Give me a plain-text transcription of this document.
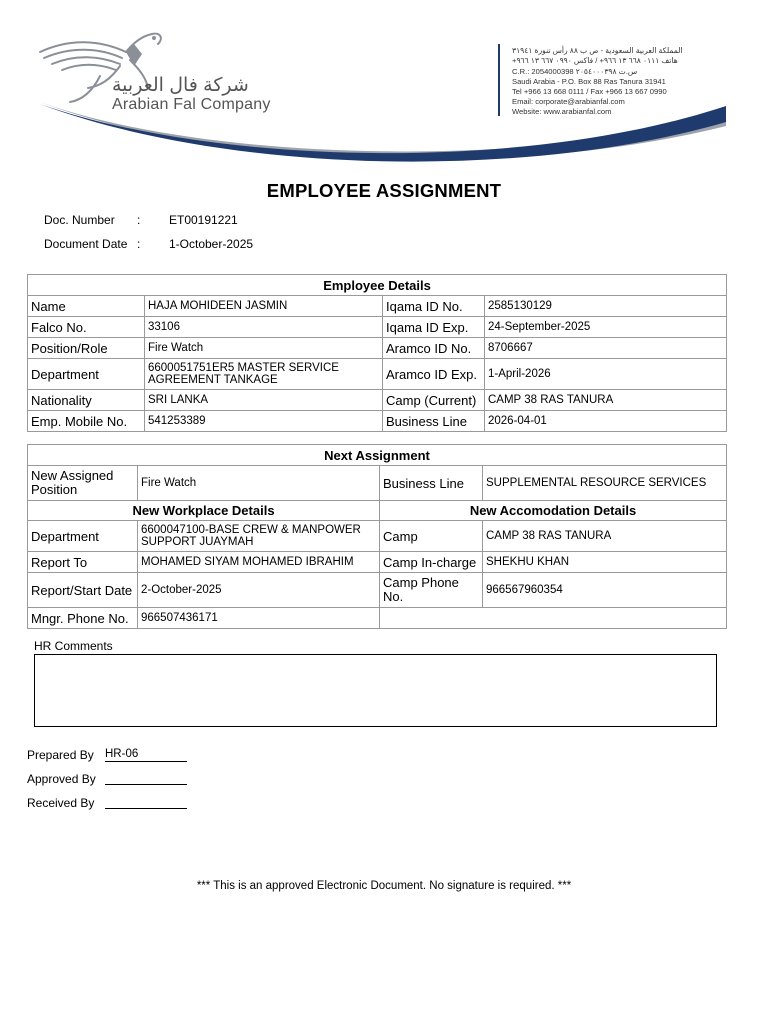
شركة فال العربية
Arabian Fal Company
المملكة العربية السعودية - ص ب ٨٨ رأس تنورة ٣١٩٤١
هاتف ٠١١١ ٦٦٨ ١٣ ٩٦٦+ / فاكس ٠٩٩٠ ٦٦٧ ١٣ ٩٦٦+
C.R.: 2054000398 س.ت ٢٠٥٤٠٠٠٣٩٨
Saudi Arabia - P.O. Box 88 Ras Tanura 31941
Tel +966 13 668 0111 / Fax +966 13 667 0990
Email: corporate@arabianfal.com
Website: www.arabianfal.com
EMPLOYEE ASSIGNMENT
Doc. Number : ET00191221
Document Date : 1-October-2025
Employee Details			
Name	HAJA MOHIDEEN JASMIN	Iqama ID No.	2585130129
Falco No.	33106	Iqama ID Exp.	24-September-2025
Position/Role	Fire Watch	Aramco ID No.	8706667
Department	6600051751ER5 MASTER SERVICE AGREEMENT TANKAGE	Aramco ID Exp.	1-April-2026
Nationality	SRI LANKA	Camp (Current)	CAMP 38 RAS TANURA
Emp. Mobile No.	541253389	Business Line	2026-04-01
Next Assignment			
New Assigned Position	Fire Watch	Business Line	SUPPLEMENTAL RESOURCE SERVICES
New Workplace Details		New Accomodation Details	
Department	6600047100-BASE CREW & MANPOWER SUPPORT JUAYMAH	Camp	CAMP 38 RAS TANURA
Report To	MOHAMED SIYAM MOHAMED IBRAHIM	Camp In-charge	SHEKHU KHAN
Report/Start Date	2-October-2025	Camp Phone No.	966567960354
Mngr. Phone No.	966507436171		
HR Comments
Prepared By HR-06
Approved By
Received By
*** This is an approved Electronic Document. No signature is required. ***
